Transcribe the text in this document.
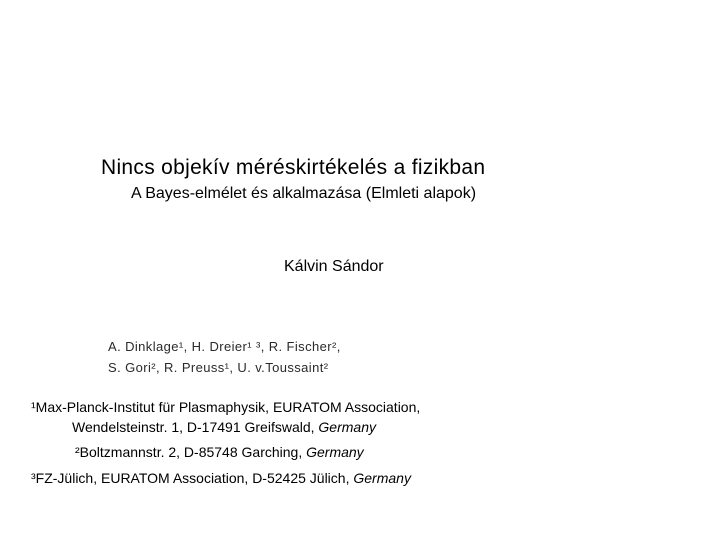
Nincs objekív méréskirtékelés a fizikban
A Bayes-elmélet és alkalmazása (Elmleti alapok)
Kálvin Sándor
A. Dinklage¹, H. Dreier¹ ³, R. Fischer²,
S. Gori², R. Preuss¹, U. v.Toussaint²
¹Max-Planck-Institut für Plasmaphysik, EURATOM Association,
Wendelsteinstr. 1, D-17491 Greifswald, Germany
²Boltzmannstr. 2, D-85748 Garching, Germany
³FZ-Jülich, EURATOM Association, D-52425 Jülich, Germany
